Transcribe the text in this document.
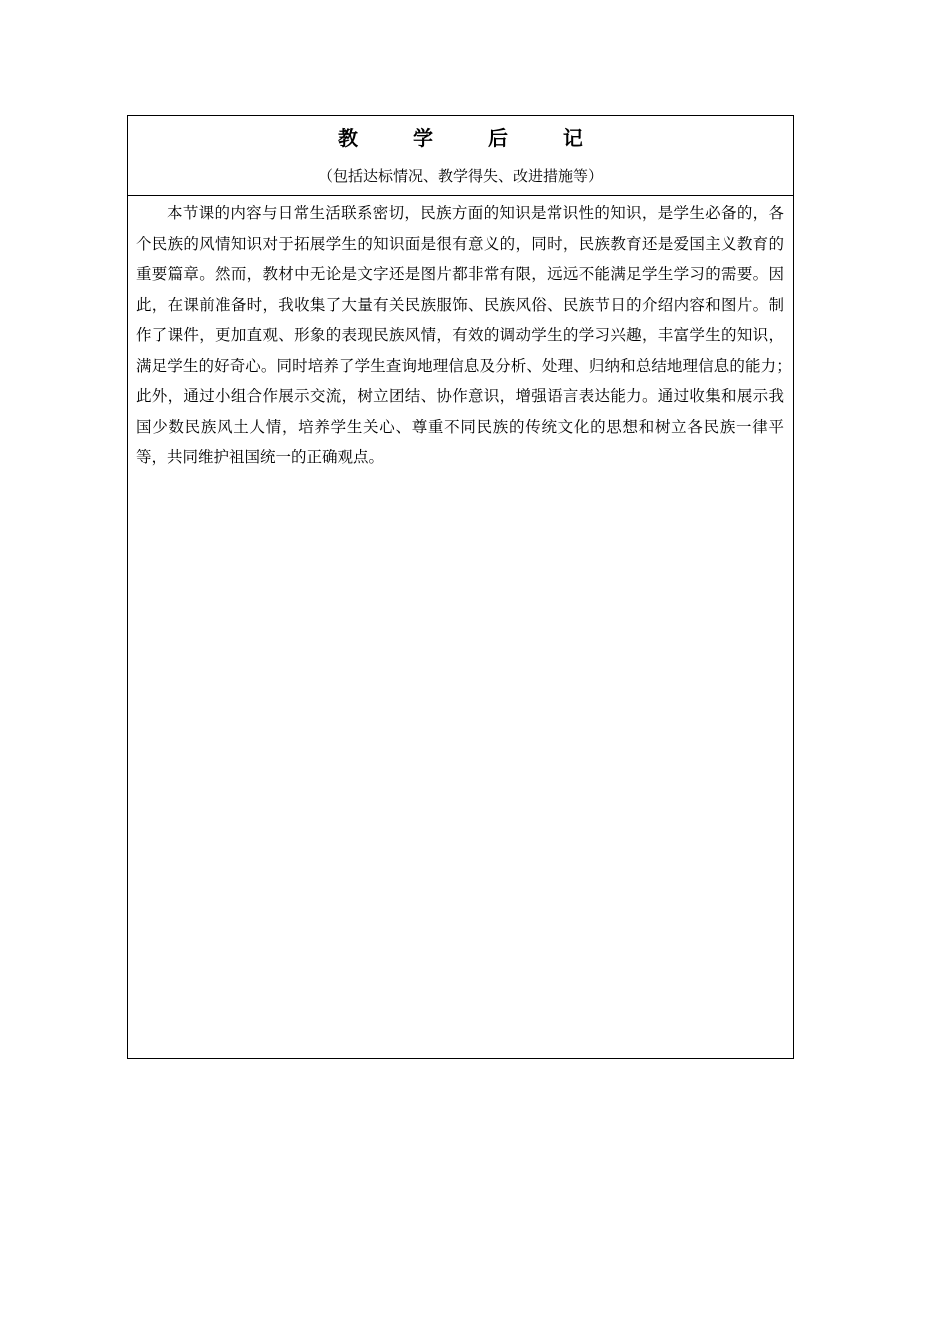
教 学 后 记
（包括达标情况、教学得失、改进措施等）

本节课的内容与日常生活联系密切，民族方面的知识是常识性的知识，是学生必备的，各个民族的风情知识对于拓展学生的知识面是很有意义的，同时，民族教育还是爱国主义教育的重要篇章。然而，教材中无论是文字还是图片都非常有限，远远不能满足学生学习的需要。因此，在课前准备时，我收集了大量有关民族服饰、民族风俗、民族节日的介绍内容和图片。制作了课件，更加直观、形象的表现民族风情，有效的调动学生的学习兴趣，丰富学生的知识，满足学生的好奇心。同时培养了学生查询地理信息及分析、处理、归纳和总结地理信息的能力；　　此外，通过小组合作展示交流，树立团结、协作意识，增强语言表达能力。通过收集和展示我国少数民族风土人情，培养学生关心、尊重不同民族的传统文化的思想和树立各民族一律平等，共同维护祖国统一的正确观点。
